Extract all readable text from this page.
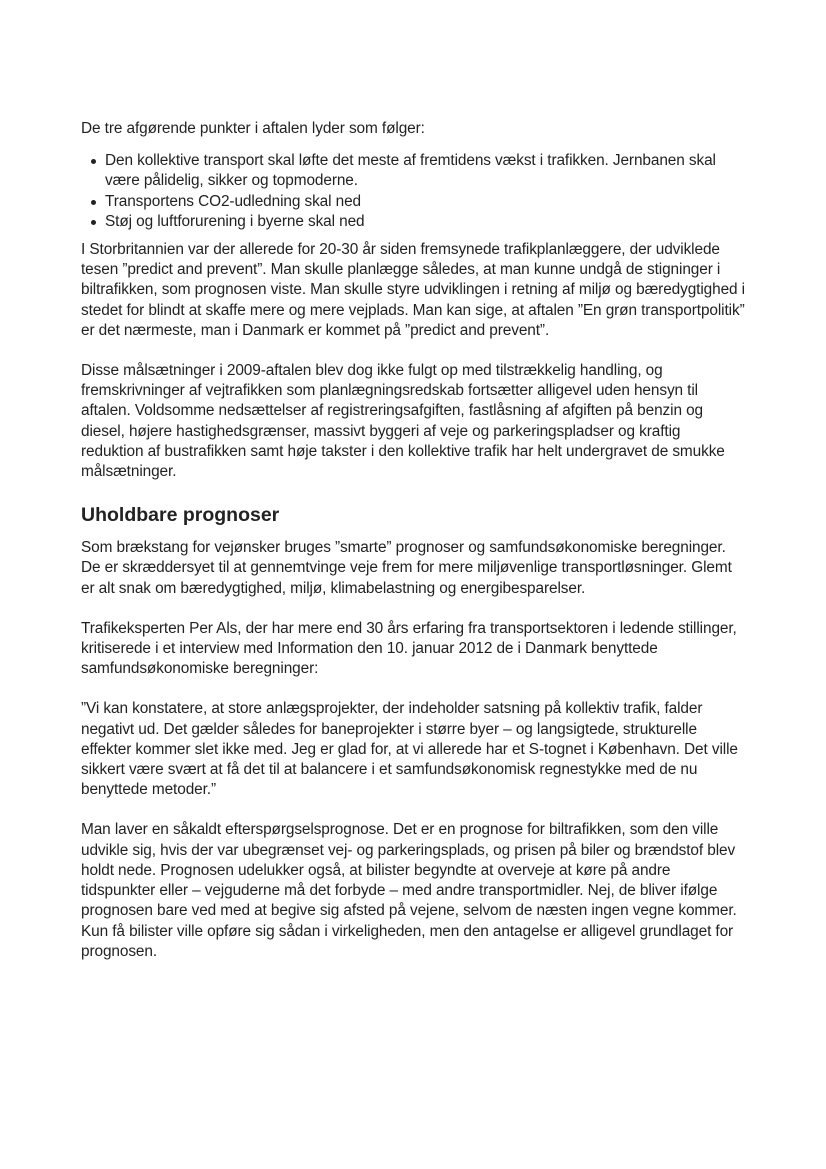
De tre afgørende punkter i aftalen lyder som følger:

Den kollektive transport skal løfte det meste af fremtidens vækst i trafikken. Jernbanen skal være pålidelig, sikker og topmoderne.
Transportens CO2-udledning skal ned
Støj og luftforurening i byerne skal ned

I Storbritannien var der allerede for 20-30 år siden fremsynede trafikplanlæggere, der udviklede tesen ”predict and prevent”. Man skulle planlægge således, at man kunne undgå de stigninger i biltrafikken, som prognosen viste. Man skulle styre udviklingen i retning af miljø og bæredygtighed i stedet for blindt at skaffe mere og mere vejplads. Man kan sige, at aftalen ”En grøn transportpolitik” er det nærmeste, man i Danmark er kommet på ”predict and prevent”.

Disse målsætninger i 2009-aftalen blev dog ikke fulgt op med tilstrækkelig handling, og fremskrivninger af vejtrafikken som planlægningsredskab fortsætter alligevel uden hensyn til aftalen. Voldsomme nedsættelser af registreringsafgiften, fastlåsning af afgiften på benzin og diesel, højere hastighedsgrænser, massivt byggeri af veje og parkeringspladser og kraftig reduktion af bustrafikken samt høje takster i den kollektive trafik har helt undergravet de smukke målsætninger.

Uholdbare prognoser

Som brækstang for vejønsker bruges ”smarte” prognoser og samfundsøkonomiske beregninger. De er skræddersyet til at gennemtvinge veje frem for mere miljøvenlige transportløsninger. Glemt er alt snak om bæredygtighed, miljø, klimabelastning og energibesparelser.

Trafikeksperten Per Als, der har mere end 30 års erfaring fra transportsektoren i ledende stillinger, kritiserede i et interview med Information den 10. januar 2012 de i Danmark benyttede samfundsøkonomiske beregninger:

”Vi kan konstatere, at store anlægsprojekter, der indeholder satsning på kollektiv trafik, falder negativt ud. Det gælder således for baneprojekter i større byer – og langsigtede, strukturelle effekter kommer slet ikke med. Jeg er glad for, at vi allerede har et S-tognet i København. Det ville sikkert være svært at få det til at balancere i et samfundsøkonomisk regnestykke med de nu benyttede metoder.”

Man laver en såkaldt efterspørgselsprognose. Det er en prognose for biltrafikken, som den ville udvikle sig, hvis der var ubegrænset vej- og parkeringsplads, og prisen på biler og brændstof blev holdt nede. Prognosen udelukker også, at bilister begyndte at overveje at køre på andre tidspunkter eller – vejguderne må det forbyde – med andre transportmidler. Nej, de bliver ifølge prognosen bare ved med at begive sig afsted på vejene, selvom de næsten ingen vegne kommer. Kun få bilister ville opføre sig sådan i virkeligheden, men den antagelse er alligevel grundlaget for prognosen.
